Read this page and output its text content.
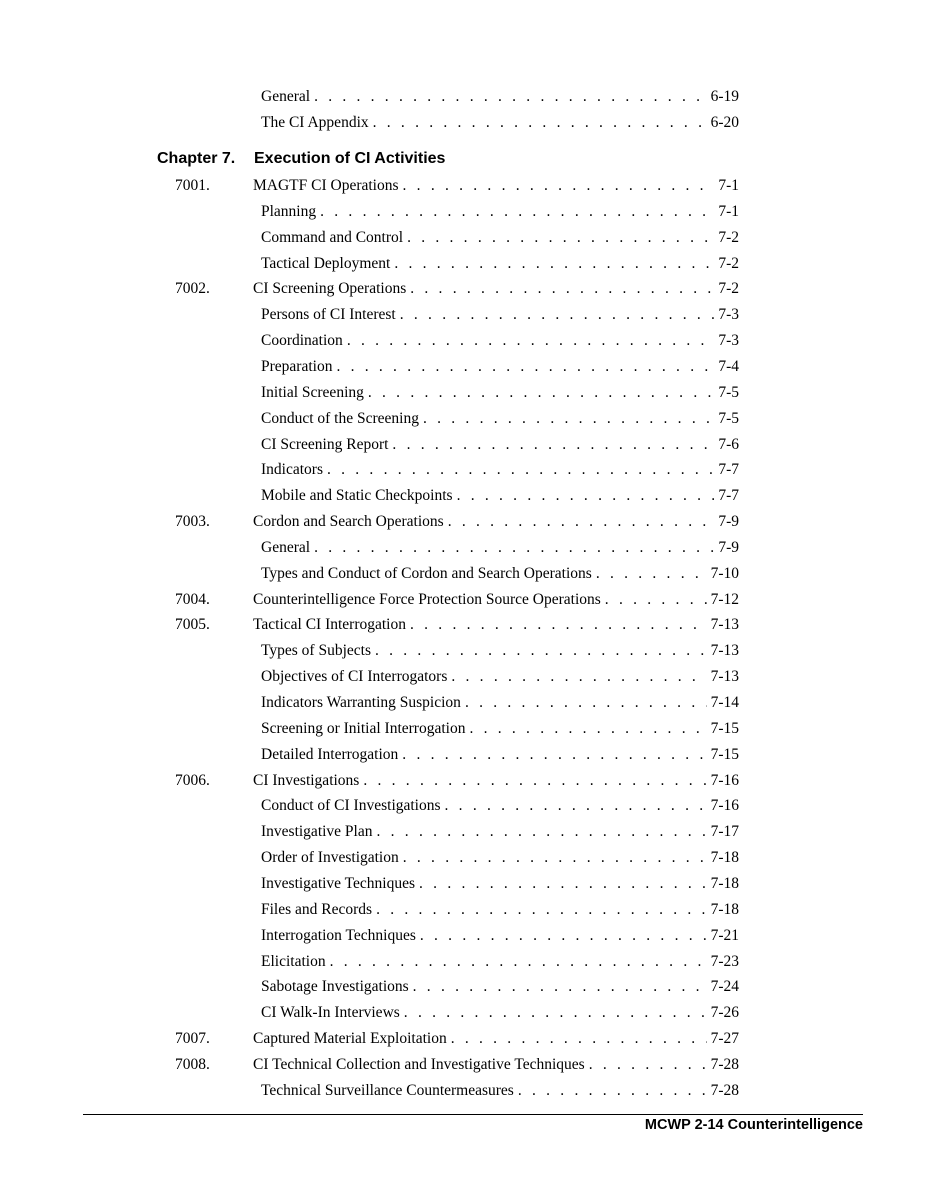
General . . .	6-19
The CI Appendix . . .	6-20
Chapter 7. Execution of CI Activities
7001.	MAGTF CI Operations . . .	7-1
Planning . . .	7-1
Command and Control . . .	7-2
Tactical Deployment . . .	7-2
7002.	CI Screening Operations . . .	7-2
Persons of CI Interest . . .	7-3
Coordination . . .	7-3
Preparation . . .	7-4
Initial Screening . . .	7-5
Conduct of the Screening . . .	7-5
CI Screening Report . . .	7-6
Indicators . . .	7-7
Mobile and Static Checkpoints . . .	7-7
7003.	Cordon and Search Operations . . .	7-9
General . . .	7-9
Types and Conduct of Cordon and Search Operations . . .	7-10
7004.	Counterintelligence Force Protection Source Operations . . .	7-12
7005.	Tactical CI Interrogation . . .	7-13
Types of Subjects . . .	7-13
Objectives of CI Interrogators . . .	7-13
Indicators Warranting Suspicion . . .	7-14
Screening or Initial Interrogation . . .	7-15
Detailed Interrogation . . .	7-15
7006.	CI Investigations . . .	7-16
Conduct of CI Investigations . . .	7-16
Investigative Plan . . .	7-17
Order of Investigation . . .	7-18
Investigative Techniques . . .	7-18
Files and Records . . .	7-18
Interrogation Techniques . . .	7-21
Elicitation . . .	7-23
Sabotage Investigations . . .	7-24
CI Walk-In Interviews . . .	7-26
7007.	Captured Material Exploitation . . .	7-27
7008.	CI Technical Collection and Investigative Techniques . . .	7-28
Technical Surveillance Countermeasures . . .	7-28
MCWP 2-14 Counterintelligence
